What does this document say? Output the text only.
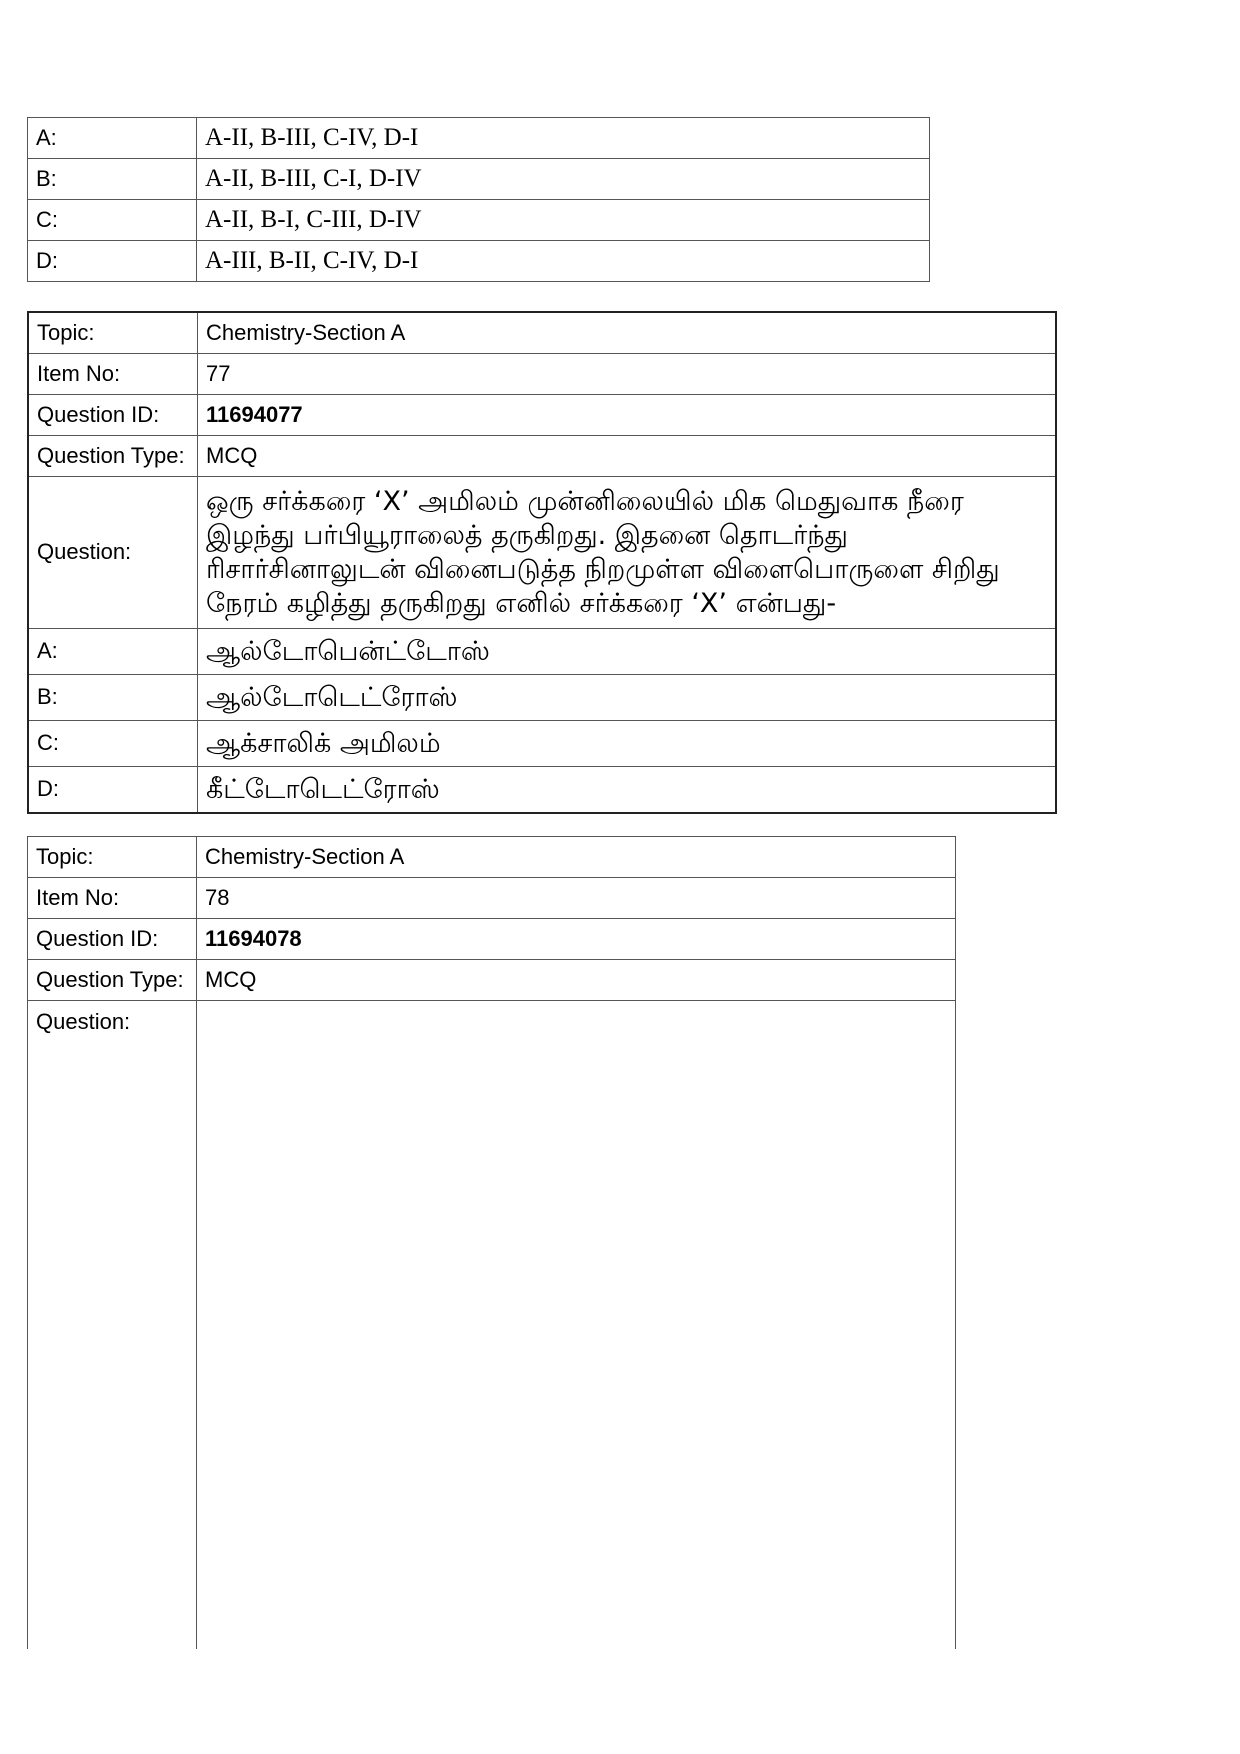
A:	A-II, B-III, C-IV, D-I
B:	A-II, B-III, C-I, D-IV
C:	A-II, B-I, C-III, D-IV
D:	A-III, B-II, C-IV, D-I
Topic:	Chemistry-Section A
Item No:	77
Question ID:	11694077
Question Type:	MCQ
Question:	ஒரு சர்க்கரை ‘X’ அமிலம் முன்னிலையில் மிக மெதுவாக நீரை இழந்து பர்பியூராலைத் தருகிறது. இதனை தொடர்ந்து ரிசார்சினாலுடன் வினைபடுத்த நிறமுள்ள விளைபொருளை சிறிது நேரம் கழித்து தருகிறது எனில் சர்க்கரை ‘X’ என்பது-
A:	ஆல்டோபென்ட்டோஸ்
B:	ஆல்டோடெட்ரோஸ்
C:	ஆக்சாலிக் அமிலம்
D:	கீட்டோடெட்ரோஸ்
Topic:	Chemistry-Section A
Item No:	78
Question ID:	11694078
Question Type:	MCQ
Question:	
